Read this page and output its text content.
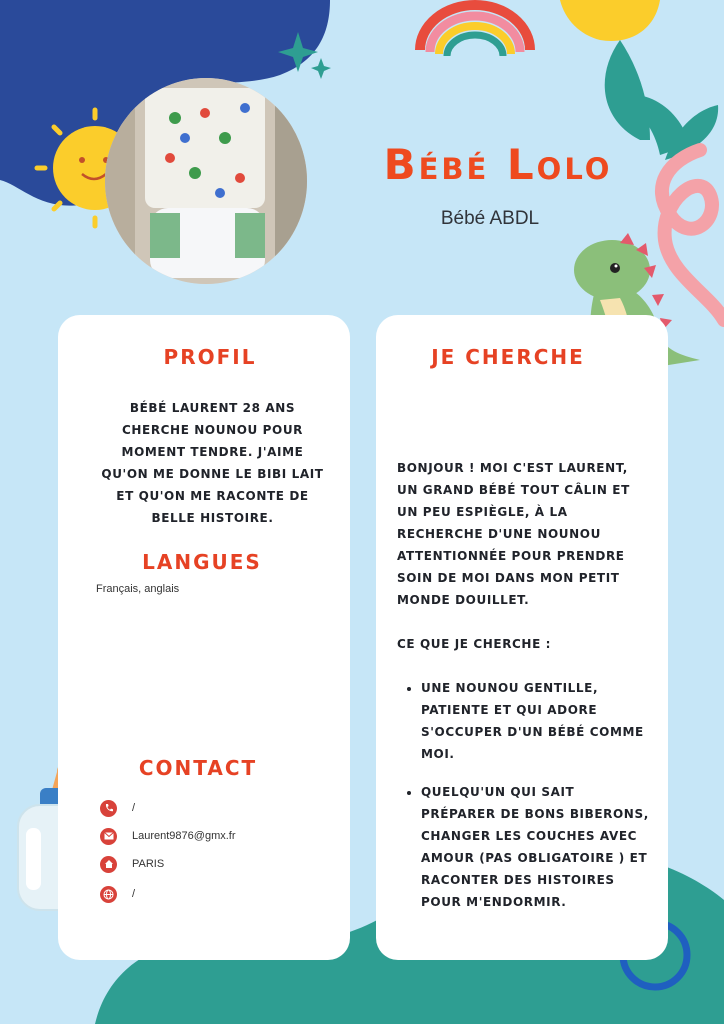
Bébé Lolo
Bébé ABDL
PROFIL

BÉBÉ LAURENT 28 ANS CHERCHE NOUNOU POUR MOMENT TENDRE. J'AIME QU'ON ME DONNE LE BIBI LAIT ET QU'ON ME RACONTE DE BELLE HISTOIRE.

LANGUES
Français, anglais
CONTACT
/
Laurent9876@gmx.fr
PARIS
/
JE CHERCHE

BONJOUR ! MOI C'EST LAURENT, UN GRAND BÉBÉ TOUT CÂLIN ET UN PEU ESPIÈGLE, À LA RECHERCHE D'UNE NOUNOU ATTENTIONNÉE POUR PRENDRE SOIN DE MOI DANS MON PETIT MONDE DOUILLET.

CE QUE JE CHERCHE :

• UNE NOUNOU GENTILLE, PATIENTE ET QUI ADORE S'OCCUPER D'UN BÉBÉ COMME MOI.
• QUELQU'UN QUI SAIT PRÉPARER DE BONS BIBERONS, CHANGER LES COUCHES AVEC AMOUR (PAS OBLIGATOIRE ) ET RACONTER DES HISTOIRES POUR M'ENDORMIR.
